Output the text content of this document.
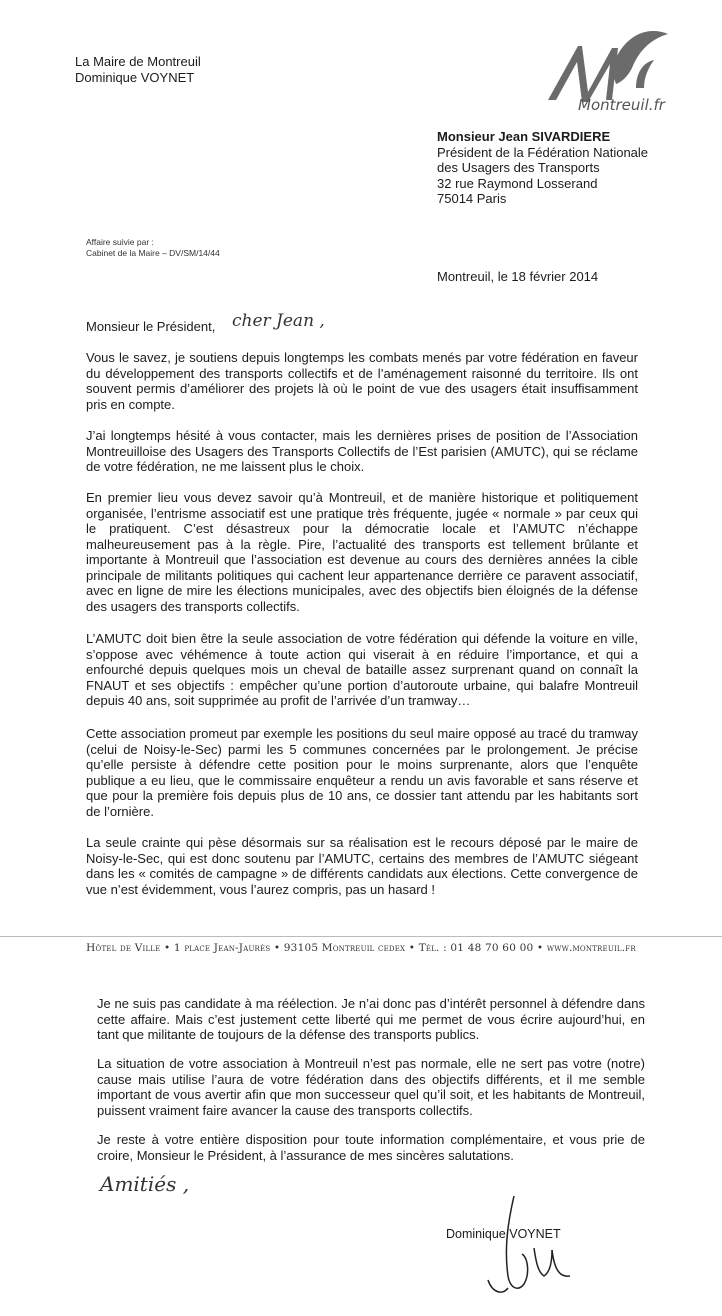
La Maire de Montreuil
Dominique VOYNET
Montreuil.fr
Monsieur Jean SIVARDIERE
Président de la Fédération Nationale
des Usagers des Transports
32 rue Raymond Losserand
75014 Paris
Affaire suivie par :
Cabinet de la Maire – DV/SM/14/44
Montreuil, le 18 février 2014
Monsieur le Président, cher Jean ,
Vous le savez, je soutiens depuis longtemps les combats menés par votre fédération en faveur du développement des transports collectifs et de l’aménagement raisonné du territoire. Ils ont souvent permis d’améliorer des projets là où le point de vue des usagers était insuffisamment pris en compte.
J’ai longtemps hésité à vous contacter, mais les dernières prises de position de l’Association Montreuilloise des Usagers des Transports Collectifs de l’Est parisien (AMUTC), qui se réclame de votre fédération, ne me laissent plus le choix.
En premier lieu vous devez savoir qu’à Montreuil, et de manière historique et politiquement organisée, l’entrisme associatif est une pratique très fréquente, jugée « normale » par ceux qui le pratiquent. C’est désastreux pour la démocratie locale et l’AMUTC n’échappe malheureusement pas à la règle. Pire, l’actualité des transports est tellement brûlante et importante à Montreuil que l’association est devenue au cours des dernières années la cible principale de militants politiques qui cachent leur appartenance derrière ce paravent associatif, avec en ligne de mire les élections municipales, avec des objectifs bien éloignés de la défense des usagers des transports collectifs.
L’AMUTC doit bien être la seule association de votre fédération qui défende la voiture en ville, s’oppose avec véhémence à toute action qui viserait à en réduire l’importance, et qui a enfourché depuis quelques mois un cheval de bataille assez surprenant quand on connaît la FNAUT et ses objectifs : empêcher qu’une portion d’autoroute urbaine, qui balafre Montreuil depuis 40 ans, soit supprimée au profit de l’arrivée d’un tramway…
Cette association promeut par exemple les positions du seul maire opposé au tracé du tramway (celui de Noisy-le-Sec) parmi les 5 communes concernées par le prolongement. Je précise qu’elle persiste à défendre cette position pour le moins surprenante, alors que l’enquête publique a eu lieu, que le commissaire enquêteur a rendu un avis favorable et sans réserve et que pour la première fois depuis plus de 10 ans, ce dossier tant attendu par les habitants sort de l’ornière.
La seule crainte qui pèse désormais sur sa réalisation est le recours déposé par le maire de Noisy-le-Sec, qui est donc soutenu par l’AMUTC, certains des membres de l’AMUTC siégeant dans les « comités de campagne » de différents candidats aux élections. Cette convergence de vue n’est évidemment, vous l’aurez compris, pas un hasard !
Hôtel de Ville • 1 place Jean-Jaurès • 93105 Montreuil cedex • Tél. : 01 48 70 60 00 • www.montreuil.fr
Je ne suis pas candidate à ma réélection. Je n’ai donc pas d’intérêt personnel à défendre dans cette affaire. Mais c’est justement cette liberté qui me permet de vous écrire aujourd’hui, en tant que militante de toujours de la défense des transports publics.
La situation de votre association à Montreuil n’est pas normale, elle ne sert pas votre (notre) cause mais utilise l’aura de votre fédération dans des objectifs différents, et il me semble important de vous avertir afin que mon successeur quel qu’il soit, et les habitants de Montreuil, puissent vraiment faire avancer la cause des transports collectifs.
Je reste à votre entière disposition pour toute information complémentaire, et vous prie de croire, Monsieur le Président, à l’assurance de mes sincères salutations.
Amitiés ,
Dominique VOYNET
